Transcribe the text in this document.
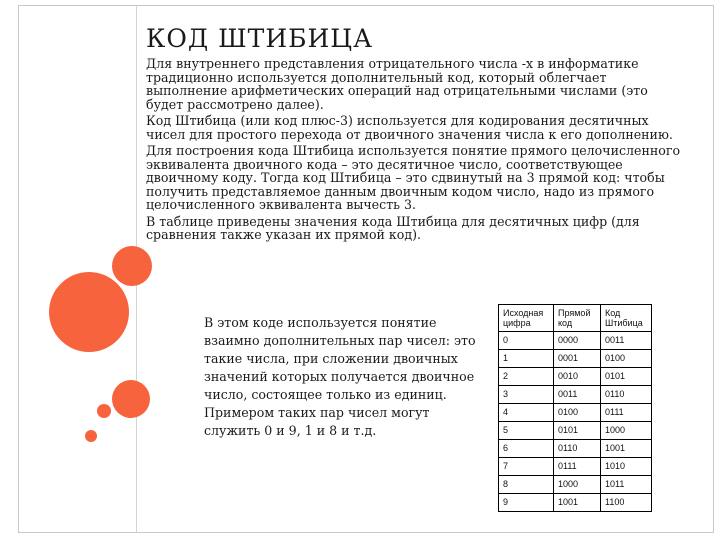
КОД ШТИБИЦА

Для внутреннего представления отрицательного числа -х в информатике традиционно используется дополнительный код, который облегчает выполнение арифметических операций над отрицательными числами (это будет рассмотрено далее).

Код Штибица (или код плюс-3) используется для кодирования десятичных чисел для простого перехода от двоичного значения числа к его дополнению.

Для построения кода Штибица используется понятие прямого целочисленного эквивалента двоичного кода – это десятичное число, соответствующее двоичному коду. Тогда код Штибица – это сдвинутый на 3 прямой код: чтобы получить представляемое данным двоичным кодом число, надо из прямого целочисленного эквивалента вычесть 3.

В таблице приведены значения кода Штибица для десятичных цифр (для сравнения также указан их прямой код).

В этом коде используется понятие взаимно дополнительных пар чисел: это такие числа, при сложении двоичных значений которых получается двоичное число, состоящее только из единиц. Примером таких пар чисел могут служить 0 и 9, 1 и 8 и т.д.

Исходная цифра	Прямой код	Код Штибица
0	0000	0011
1	0001	0100
2	0010	0101
3	0011	0110
4	0100	0111
5	0101	1000
6	0110	1001
7	0111	1010
8	1000	1011
9	1001	1100
